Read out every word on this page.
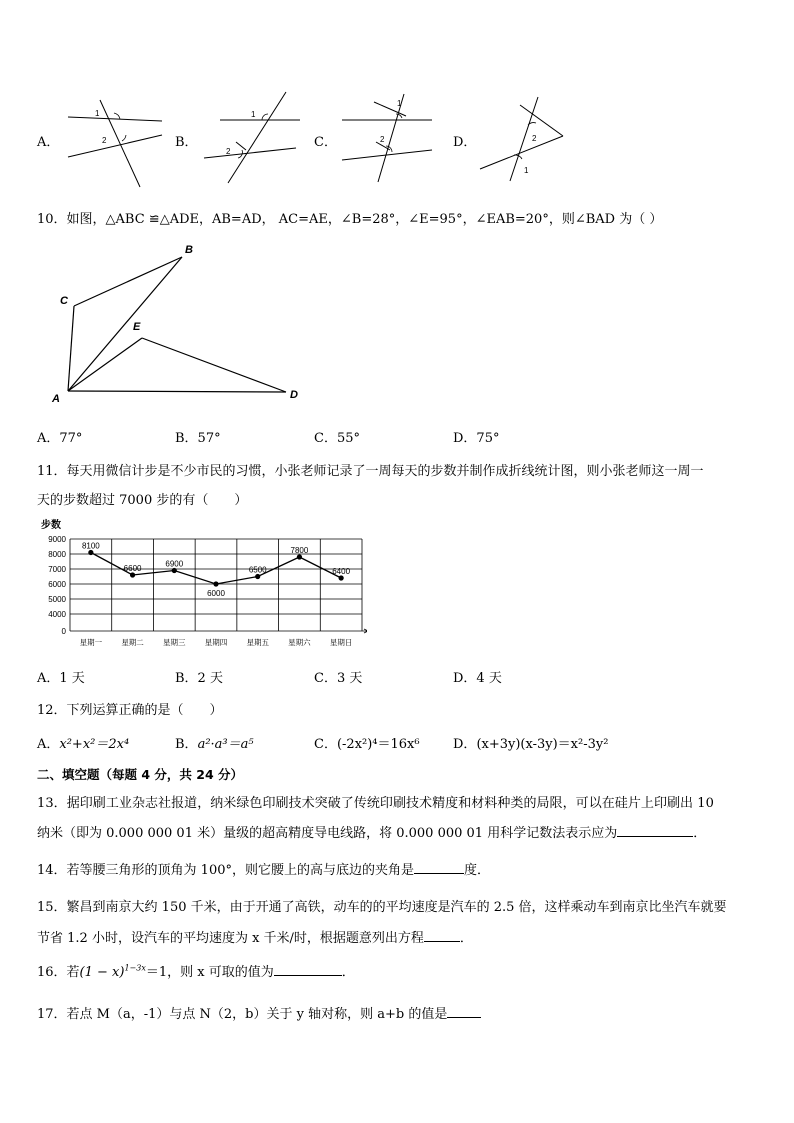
A．
1
2	B．
1
2
C．
1
2	D．	2
1
10．如图，△ABC ≌△ADE，AB=AD， AC=AE，∠B=28°，∠E=95°，∠EAB=20°，则∠BAD 为（ ）
A
B
C
D
E
A．77°	B．57°	C．55°	D．75°
11．每天用微信计步是不少市民的习惯，小张老师记录了一周每天的步数并制作成折线统计图，则小张老师这一周一
天的步数超过 7000 步的有（　　）
步数
9000
8000
7000
6000
5000
4000
0
星期一	星期二	星期三	星期四	星期五	星期六	星期日
8100
6600	6900
6000
6500
7800
6400
A．1 天	B．2 天	C．3 天	D．4 天
12．下列运算正确的是（　　）
A．x²+x²＝2x⁴	B．a²·a³＝a⁵	C．(-2x²)⁴＝16x⁶	D．(x+3y)(x-3y)＝x²-3y²
二、填空题（每题 4 分，共 24 分）
13．据印刷工业杂志社报道，纳米绿色印刷技术突破了传统印刷技术精度和材料种类的局限，可以在硅片上印刷出 10
纳米（即为 0.000 000 01 米）量级的超高精度导电线路，将 0.000 000 01 用科学记数法表示应为	．
14．若等腰三角形的顶角为 100°，则它腰上的高与底边的夹角是	度．
15．繁昌到南京大约 150 千米，由于开通了高铁，动车的的平均速度是汽车的 2.5 倍，这样乘动车到南京比坐汽车就要
节省 1.2 小时，设汽车的平均速度为 x 千米/时，根据题意列出方程	．
16．若$(1 - x)^{1-3x}=1$，则 x 可取的值为	．
17．若点 M（a，-1）与点 N（2，b）关于 y 轴对称，则 a+b 的值是
